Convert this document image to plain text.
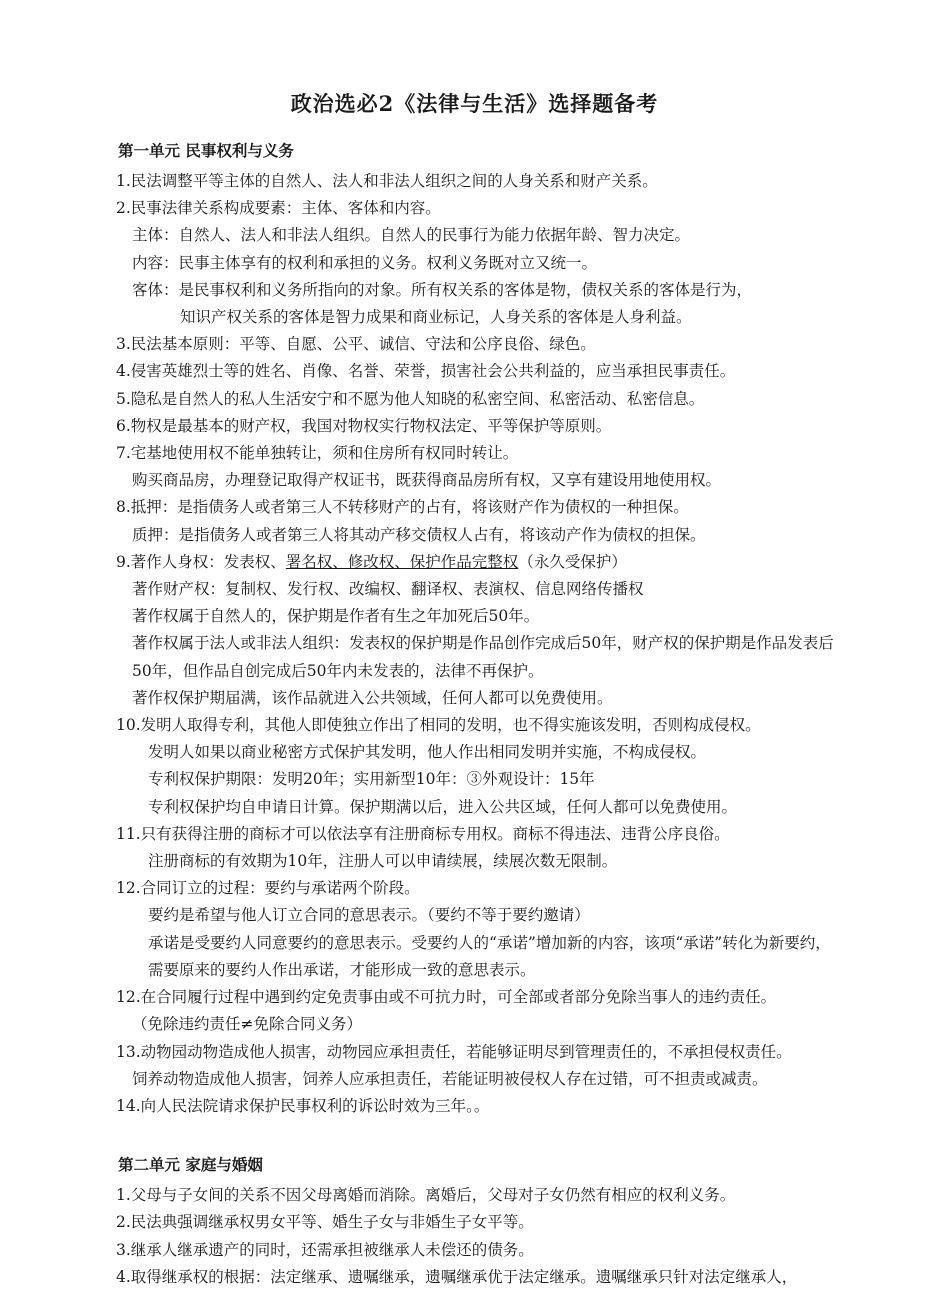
政治选必2《法律与生活》选择题备考
第一单元 民事权利与义务
1.民法调整平等主体的自然人、法人和非法人组织之间的人身关系和财产关系。
2.民事法律关系构成要素：主体、客体和内容。
主体：自然人、法人和非法人组织。自然人的民事行为能力依据年龄、智力决定。
内容：民事主体享有的权利和承担的义务。权利义务既对立又统一。
客体：是民事权利和义务所指向的对象。所有权关系的客体是物，债权关系的客体是行为，
知识产权关系的客体是智力成果和商业标记，人身关系的客体是人身利益。
3.民法基本原则：平等、自愿、公平、诚信、守法和公序良俗、绿色。
4.侵害英雄烈士等的姓名、肖像、名誉、荣誉，损害社会公共利益的，应当承担民事责任。
5.隐私是自然人的私人生活安宁和不愿为他人知晓的私密空间、私密活动、私密信息。
6.物权是最基本的财产权，我国对物权实行物权法定、平等保护等原则。
7.宅基地使用权不能单独转让，须和住房所有权同时转让。
购买商品房，办理登记取得产权证书，既获得商品房所有权，又享有建设用地使用权。
8.抵押：是指债务人或者第三人不转移财产的占有，将该财产作为债权的一种担保。
质押：是指债务人或者第三人将其动产移交债权人占有，将该动产作为债权的担保。
9.著作人身权：发表权、署名权、修改权、保护作品完整权（永久受保护）
著作财产权：复制权、发行权、改编权、翻译权、表演权、信息网络传播权
著作权属于自然人的，保护期是作者有生之年加死后50年。
著作权属于法人或非法人组织：发表权的保护期是作品创作完成后50年，财产权的保护期是作品发表后50年，但作品自创完成后50年内未发表的，法律不再保护。
著作权保护期届满，该作品就进入公共领域，任何人都可以免费使用。
10.发明人取得专利，其他人即使独立作出了相同的发明，也不得实施该发明，否则构成侵权。
发明人如果以商业秘密方式保护其发明，他人作出相同发明并实施，不构成侵权。
专利权保护期限：发明20年；实用新型10年：③外观设计：15年
专利权保护均自申请日计算。保护期满以后，进入公共区域，任何人都可以免费使用。
11.只有获得注册的商标才可以依法享有注册商标专用权。商标不得违法、违背公序良俗。
注册商标的有效期为10年，注册人可以申请续展，续展次数无限制。
12.合同订立的过程：要约与承诺两个阶段。
要约是希望与他人订立合同的意思表示。（要约不等于要约邀请）
承诺是受要约人同意要约的意思表示。受要约人的“承诺”增加新的内容，该项“承诺”转化为新要约，需要原来的要约人作出承诺，才能形成一致的意思表示。
12.在合同履行过程中遇到约定免责事由或不可抗力时，可全部或者部分免除当事人的违约责任。
（免除违约责任≠免除合同义务）
13.动物园动物造成他人损害，动物园应承担责任，若能够证明尽到管理责任的，不承担侵权责任。
饲养动物造成他人损害，饲养人应承担责任，若能证明被侵权人存在过错，可不担责或减责。
14.向人民法院请求保护民事权利的诉讼时效为三年。。
第二单元 家庭与婚姻
1.父母与子女间的关系不因父母离婚而消除。离婚后，父母对子女仍然有相应的权利义务。
2.民法典强调继承权男女平等、婚生子女与非婚生子女平等。
3.继承人继承遗产的同时，还需承担被继承人未偿还的债务。
4.取得继承权的根据：法定继承、遗嘱继承，遗嘱继承优于法定继承。遗嘱继承只针对法定继承人，
